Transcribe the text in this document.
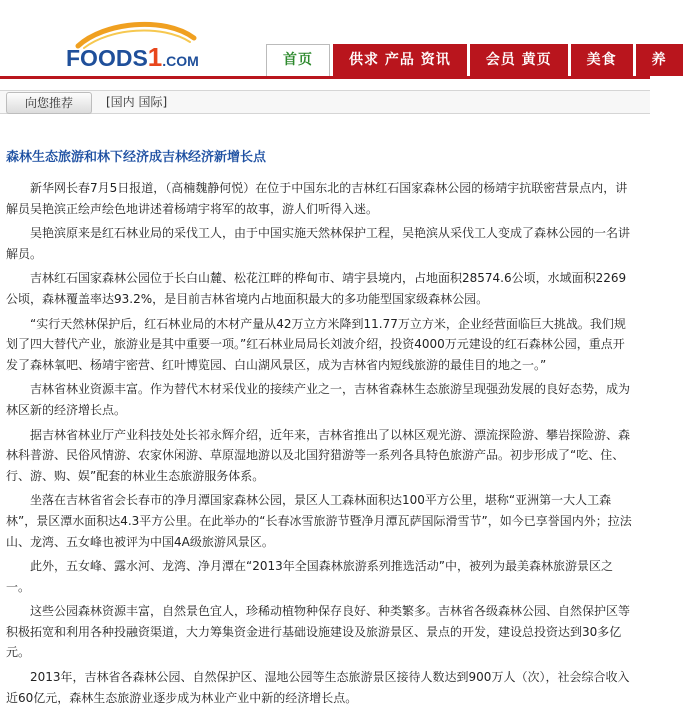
FOODS1.COM	首页	供求 产品 资讯	会员 黄页	美食	养
向您推荐	[国内 国际]
森林生态旅游和林下经济成吉林经济新增长点

新华网长春7月5日报道，（高楠魏静何悦）在位于中国东北的吉林红石国家森林公园的杨靖宇抗联密营景点内，讲解员吴艳滨正绘声绘色地讲述着杨靖宇将军的故事，游人们听得入迷。

吴艳滨原来是红石林业局的采伐工人，由于中国实施天然林保护工程，吴艳滨从采伐工人变成了森林公园的一名讲解员。

吉林红石国家森林公园位于长白山麓、松花江畔的桦甸市、靖宇县境内，占地面积28574.6公顷，水域面积2269公顷，森林覆盖率达93.2%，是目前吉林省境内占地面积最大的多功能型国家级森林公园。

“实行天然林保护后，红石林业局的木材产量从42万立方米降到11.77万立方米，企业经营面临巨大挑战。我们规划了四大替代产业，旅游业是其中重要一项。”红石林业局局长刘波介绍，投资4000万元建设的红石森林公园，重点开发了森林氧吧、杨靖宇密营、红叶博览园、白山湖风景区，成为吉林省内短线旅游的最佳目的地之一。”

吉林省林业资源丰富。作为替代木材采伐业的接续产业之一，吉林省森林生态旅游呈现强劲发展的良好态势，成为林区新的经济增长点。

据吉林省林业厅产业科技处处长祁永辉介绍，近年来，吉林省推出了以林区观光游、漂流探险游、攀岩探险游、森林科普游、民俗风情游、农家休闲游、草原湿地游以及北国狩猎游等一系列各具特色旅游产品。初步形成了“吃、住、行、游、购、娱”配套的林业生态旅游服务体系。

坐落在吉林省省会长春市的净月潭国家森林公园，景区人工森林面积达100平方公里，堪称“亚洲第一大人工森林”，景区潭水面积达4.3平方公里。在此举办的“长春冰雪旅游节暨净月潭瓦萨国际滑雪节”，如今已享誉国内外；拉法山、龙湾、五女峰也被评为中国4A级旅游风景区。

此外，五女峰、露水河、龙湾、净月潭在“2013年全国森林旅游系列推选活动”中，被列为最美森林旅游景区之一。

这些公园森林资源丰富，自然景色宜人，珍稀动植物种保存良好、种类繁多。吉林省各级森林公园、自然保护区等积极拓宽和利用各种投融资渠道，大力筹集资金进行基础设施建设及旅游景区、景点的开发，建设总投资达到30多亿元。

2013年，吉林省各森林公园、自然保护区、湿地公园等生态旅游景区接待人数达到900万人（次），社会综合收入近60亿元，森林生态旅游业逐步成为林业产业中新的经济增长点。
